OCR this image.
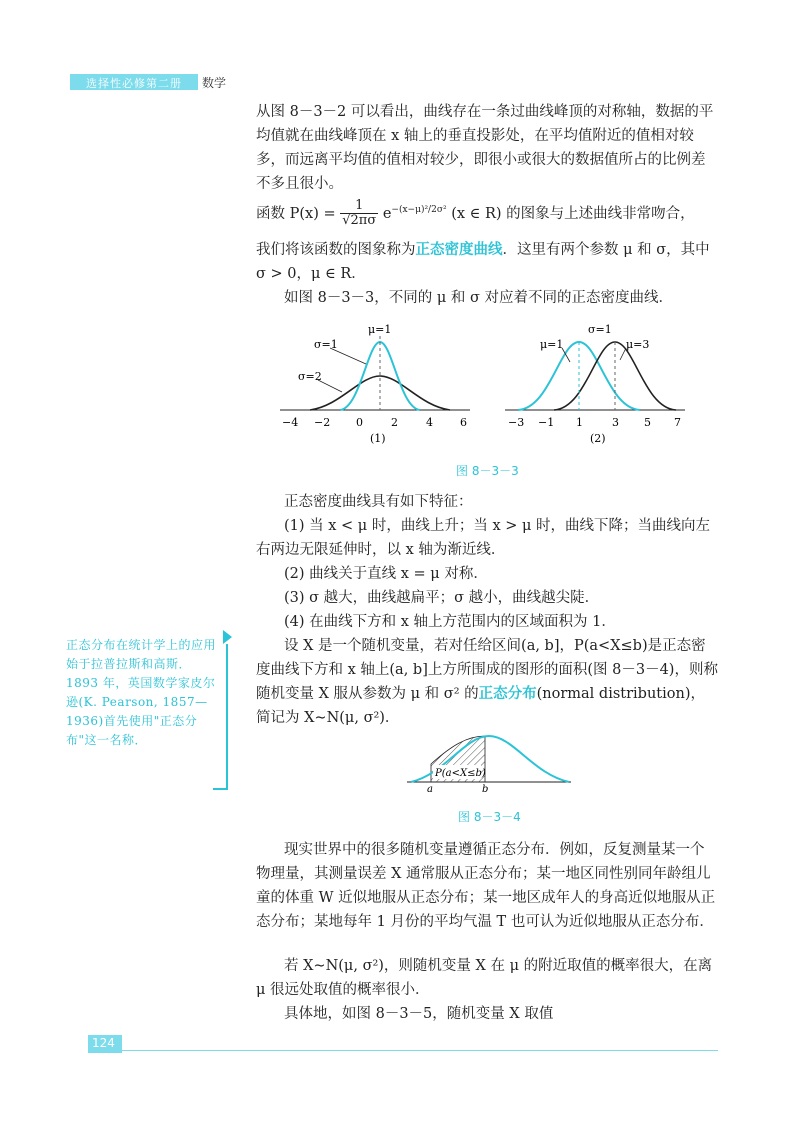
选择性必修第二册 数学

从图 8－3－2 可以看出，曲线存在一条过曲线峰顶的对称轴，数据的平均值就在曲线峰顶在 x 轴上的垂直投影处，在平均值附近的值相对较多，而远离平均值的值相对较少，即很小或很大的数据值所占的比例差不多且很小。

函数 $P(x) = \frac{1}{√2\pi\sigma} e^{-(x-\mu)^2/2\sigma^2}$ (x ∈ R) 的图象与上述曲线非常吻合，

我们将该函数的图象称为正态密度曲线．这里有两个参数 μ 和 σ，其中 σ > 0，μ ∈ R．

如图 8－3－3，不同的 μ 和 σ 对应着不同的正态密度曲线．

μ=1
σ=1
σ=2
−4 −2 0	2	4 6
(1)
σ=1
μ=1	μ=3
−3 −1 1	3 5 7
(2)
图 8－3－3

正态密度曲线具有如下特征：

(1) 当 x < μ 时，曲线上升；当 x > μ 时，曲线下降；当曲线向左右两边无限延伸时，以 x 轴为渐近线．

(2) 曲线关于直线 x = μ 对称．

(3) σ 越大，曲线越扁平；σ 越小，曲线越尖陡．

(4) 在曲线下方和 x 轴上方范围内的区域面积为 1．

设 X 是一个随机变量，若对任给区间(a, b]，P(a<X≤b)是正态密度曲线下方和 x 轴上(a, b]上方所围成的图形的面积(图 8－3－4)，则称随机变量 X 服从参数为 μ 和 σ² 的正态分布(normal distribution)，简记为 X∼N(μ, σ²)．

正态分布在统计学上的应用始于拉普拉斯和高斯．1893 年，英国数学家皮尔逊(K. Pearson, 1857—1936)首先使用"正态分布"这一名称．
P(a<X≤b)
a	b
图 8－3－4

现实世界中的很多随机变量遵循正态分布．例如，反复测量某一个物理量，其测量误差 X 通常服从正态分布；某一地区同性别同年龄组儿童的体重 W 近似地服从正态分布；某一地区成年人的身高近似地服从正态分布；某地每年 1 月份的平均气温 T 也可认为近似地服从正态分布．

若 X∼N(μ, σ²)，则随机变量 X 在 μ 的附近取值的概率很大，在离 μ 很远处取值的概率很小．

具体地，如图 8－3－5，随机变量 X 取值

124
